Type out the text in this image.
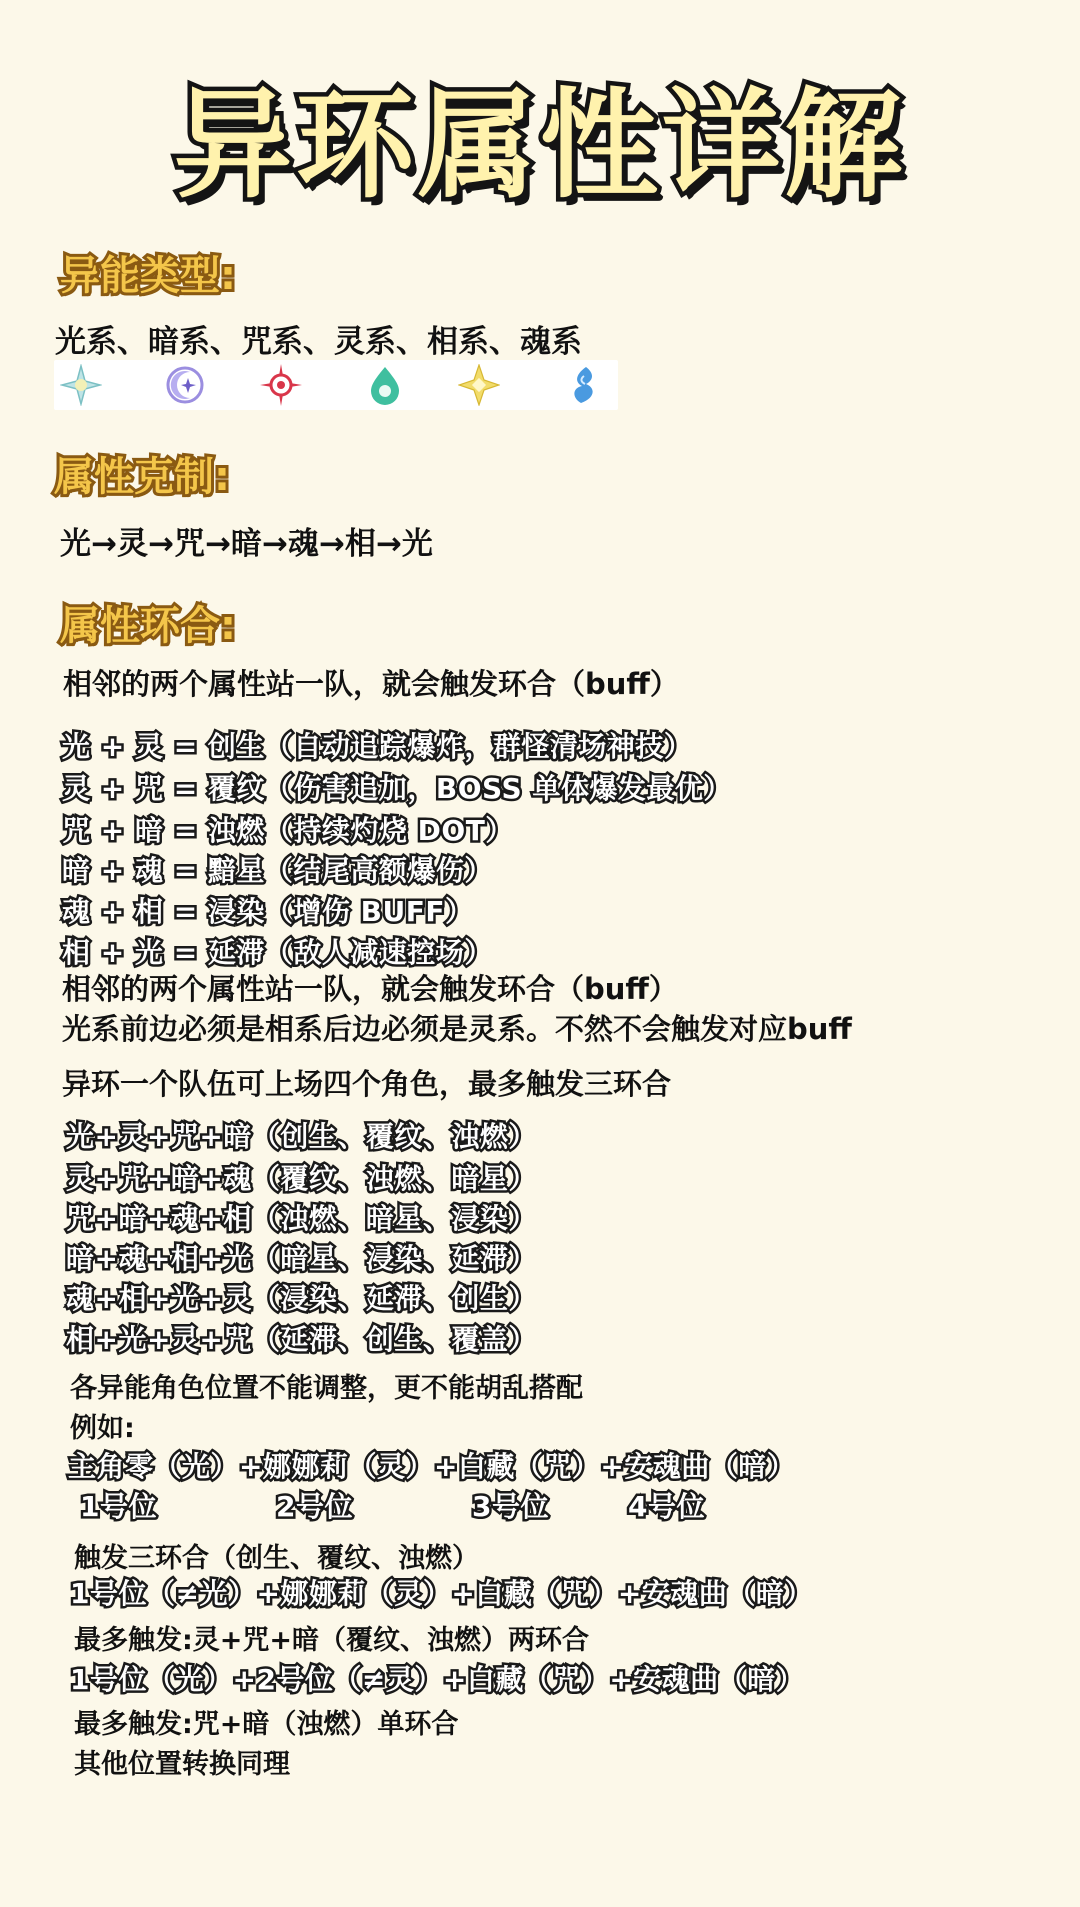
异环属性详解
异能类型:
光系、暗系、咒系、灵系、相系、魂系
属性克制:
光→灵→咒→暗→魂→相→光
属性环合:
相邻的两个属性站一队，就会触发环合（buff）
光 + 灵 = 创生（自动追踪爆炸，群怪清场神技）
灵 + 咒 = 覆纹（伤害追加，BOSS 单体爆发最优）
咒 + 暗 = 浊燃（持续灼烧 DOT）
暗 + 魂 = 黯星（结尾高额爆伤）
魂 + 相 = 浸染（增伤 BUFF）
相 + 光 = 延滞（敌人减速控场）
相邻的两个属性站一队，就会触发环合（buff）
光系前边必须是相系后边必须是灵系。不然不会触发对应buff
异环一个队伍可上场四个角色，最多触发三环合
光+灵+咒+暗（创生、覆纹、浊燃）
灵+咒+暗+魂（覆纹、浊燃、暗星）
咒+暗+魂+相（浊燃、暗星、浸染）
暗+魂+相+光（暗星、浸染、延滞）
魂+相+光+灵（浸染、延滞、创生）
相+光+灵+咒（延滞、创生、覆盖）
各异能角色位置不能调整，更不能胡乱搭配
例如:
主角零（光）+娜娜莉（灵）+白藏（咒）+安魂曲（暗）
1号位	2号位	3号位	4号位
触发三环合（创生、覆纹、浊燃）
1号位（≠光）+娜娜莉（灵）+白藏（咒）+安魂曲（暗）
最多触发:灵+咒+暗（覆纹、浊燃）两环合
1号位（光）+2号位（≠灵）+白藏（咒）+安魂曲（暗）
最多触发:咒+暗（浊燃）单环合
其他位置转换同理
